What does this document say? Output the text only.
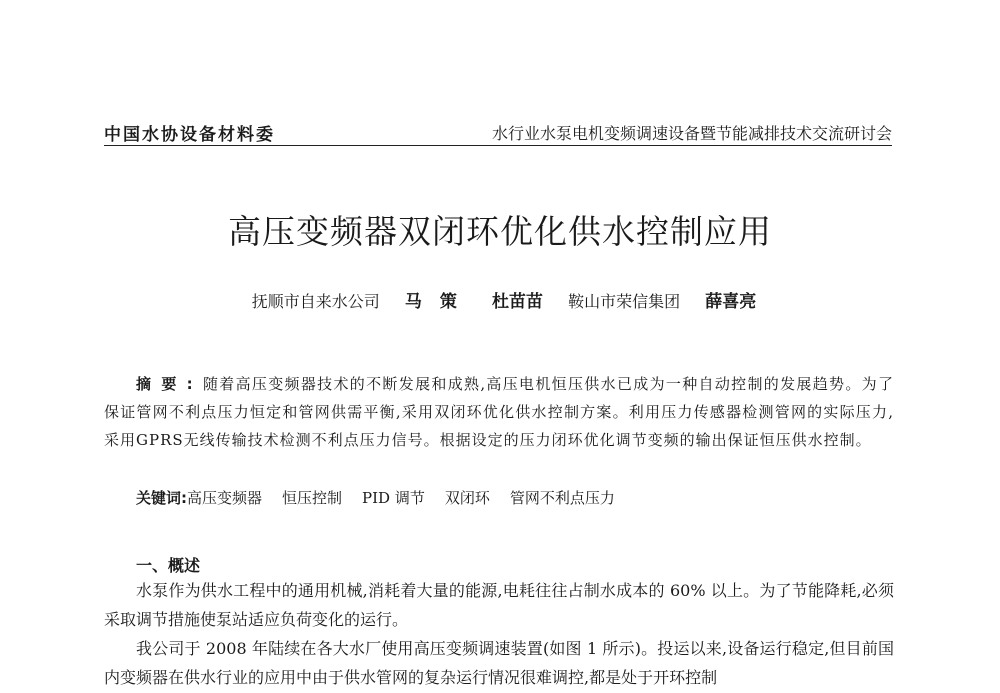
中国水协设备材料委	水行业水泵电机变频调速设备暨节能减排技术交流研讨会
高压变频器双闭环优化供水控制应用
抚顺市自来水公司 马策 杜苗苗 鞍山市荣信集团 薛喜亮
摘要:随着高压变频器技术的不断发展和成熟,高压电机恒压供水已成为一种自动控制的发展趋势。为了保证管网不利点压力恒定和管网供需平衡,采用双闭环优化供水控制方案。利用压力传感器检测管网的实际压力,采用GPRS无线传输技术检测不利点压力信号。根据设定的压力闭环优化调节变频的输出保证恒压供水控制。
关键词:高压变频器 恒压控制 PID 调节 双闭环 管网不利点压力
一、概述

水泵作为供水工程中的通用机械,消耗着大量的能源,电耗往往占制水成本的 60% 以上。为了节能降耗,必须采取调节措施使泵站适应负荷变化的运行。

我公司于 2008 年陆续在各大水厂使用高压变频调速装置(如图 1 所示)。投运以来,设备运行稳定,但目前国内变频器在供水行业的应用中由于供水管网的复杂运行情况很难调控,都是处于开环控制
